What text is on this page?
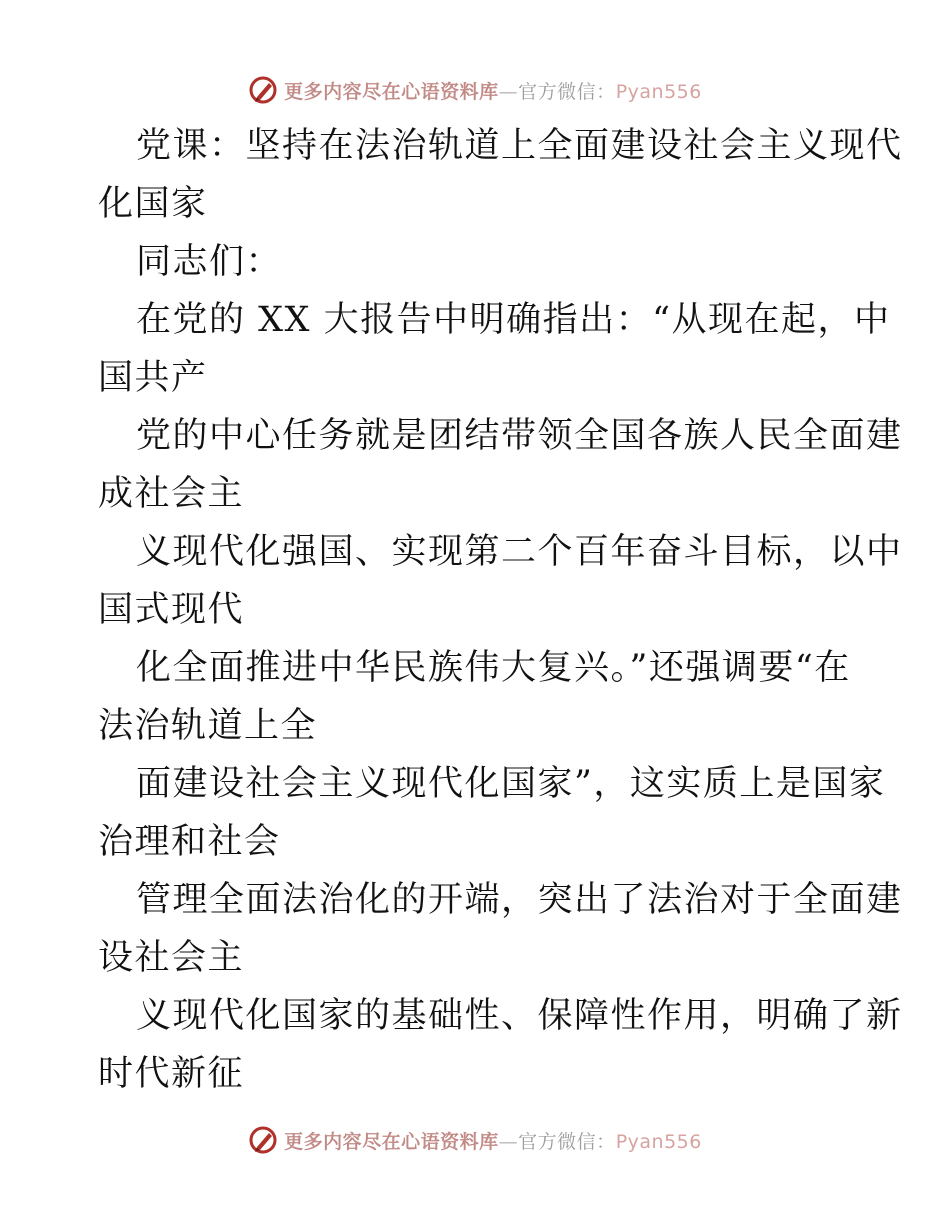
更多内容尽在心语资料库—官方微信：Pyan556
党课：坚持在法治轨道上全面建设社会主义现代
化国家
同志们：
在党的 XX 大报告中明确指出：“从现在起，中
国共产
党的中心任务就是团结带领全国各族人民全面建
成社会主
义现代化强国、实现第二个百年奋斗目标，以中
国式现代
化全面推进中华民族伟大复兴。”还强调要“在
法治轨道上全
面建设社会主义现代化国家”，这实质上是国家
治理和社会
管理全面法治化的开端，突出了法治对于全面建
设社会主
义现代化国家的基础性、保障性作用，明确了新
时代新征
更多内容尽在心语资料库—官方微信：Pyan556
